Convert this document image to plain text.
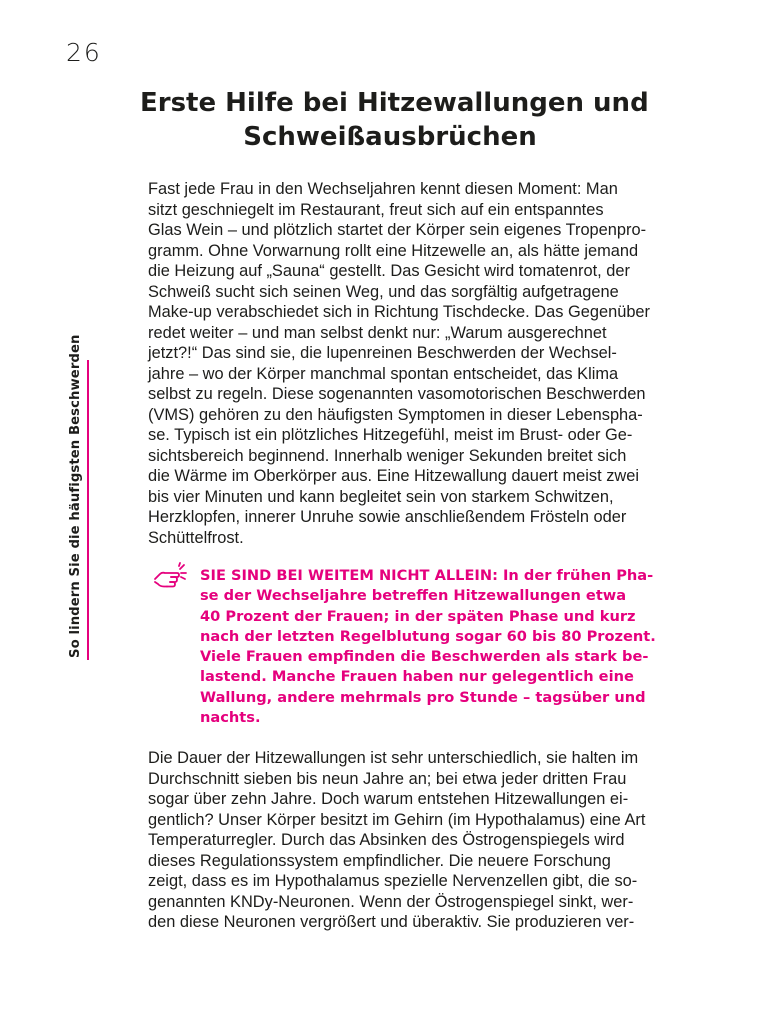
26
So lindern Sie die häufigsten Beschwerden
Erste Hilfe bei Hitzewallungen und
Schweißausbrüchen
Fast jede Frau in den Wechseljahren kennt diesen Moment: Man
sitzt geschniegelt im Restaurant, freut sich auf ein entspanntes
Glas Wein – und plötzlich startet der Körper sein eigenes Tropenpro-
gramm. Ohne Vorwarnung rollt eine Hitzewelle an, als hätte jemand
die Heizung auf „Sauna“ gestellt. Das Gesicht wird tomatenrot, der
Schweiß sucht sich seinen Weg, und das sorgfältig aufgetragene
Make-up verabschiedet sich in Richtung Tischdecke. Das Gegenüber
redet weiter – und man selbst denkt nur: „Warum ausgerechnet
jetzt?!“ Das sind sie, die lupenreinen Beschwerden der Wechsel-
jahre – wo der Körper manchmal spontan entscheidet, das Klima
selbst zu regeln. Diese sogenannten vasomotorischen Beschwerden
(VMS) gehören zu den häufigsten Symptomen in dieser Lebenspha-
se. Typisch ist ein plötzliches Hitzegefühl, meist im Brust- oder Ge-
sichtsbereich beginnend. Innerhalb weniger Sekunden breitet sich
die Wärme im Oberkörper aus. Eine Hitzewallung dauert meist zwei
bis vier Minuten und kann begleitet sein von starkem Schwitzen,
Herzklopfen, innerer Unruhe sowie anschließendem Frösteln oder
Schüttelfrost.
SIE SIND BEI WEITEM NICHT ALLEIN: In der frühen Pha-
se der Wechseljahre betreffen Hitzewallungen etwa
40 Prozent der Frauen; in der späten Phase und kurz
nach der letzten Regelblutung sogar 60 bis 80 Prozent.
Viele Frauen empfinden die Beschwerden als stark be-
lastend. Manche Frauen haben nur gelegentlich eine
Wallung, andere mehrmals pro Stunde – tagsüber und
nachts.
Die Dauer der Hitzewallungen ist sehr unterschiedlich, sie halten im
Durchschnitt sieben bis neun Jahre an; bei etwa jeder dritten Frau
sogar über zehn Jahre. Doch warum entstehen Hitzewallungen ei-
gentlich? Unser Körper besitzt im Gehirn (im Hypothalamus) eine Art
Temperaturregler. Durch das Absinken des Östrogenspiegels wird
dieses Regulationssystem empfindlicher. Die neuere Forschung
zeigt, dass es im Hypothalamus spezielle Nervenzellen gibt, die so-
genannten KNDy-Neuronen. Wenn der Östrogenspiegel sinkt, wer-
den diese Neuronen vergrößert und überaktiv. Sie produzieren ver-
